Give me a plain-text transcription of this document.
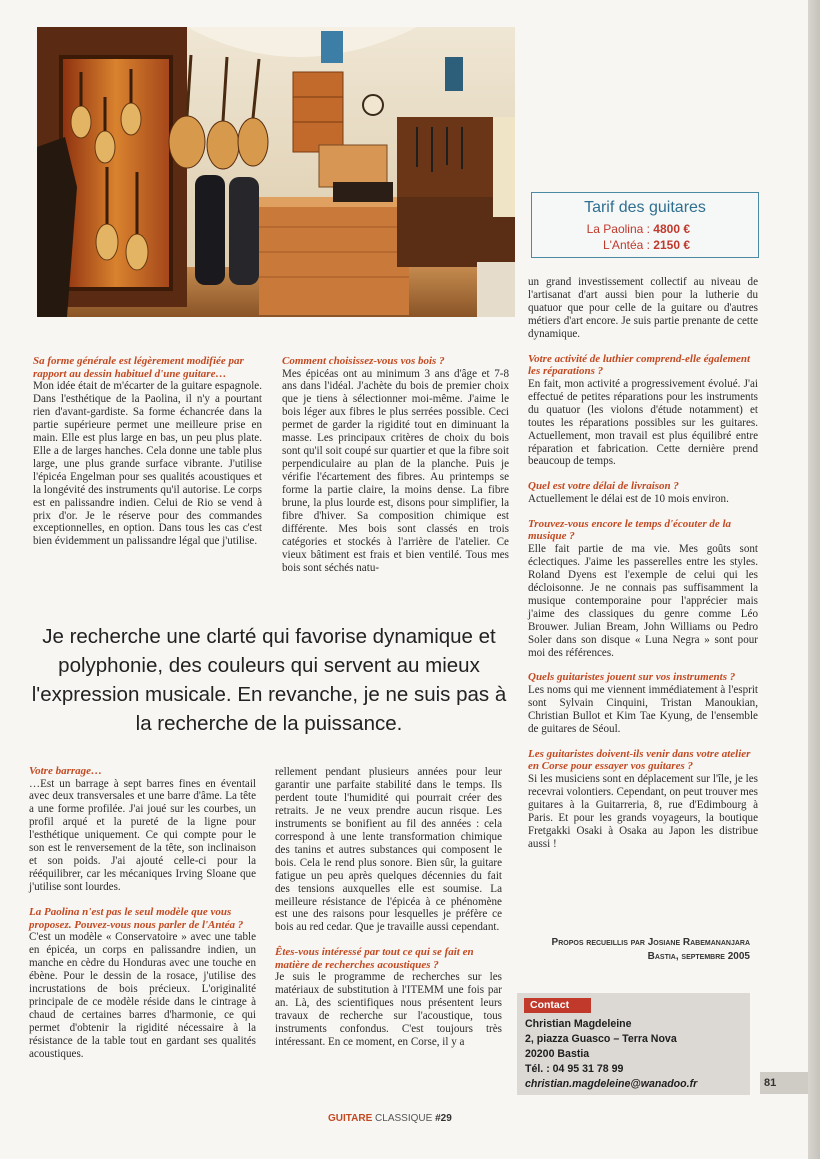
Tarif des guitares
La Paolina : 4800 €
L'Antéa : 2150 €

Sa forme générale est légèrement modifiée par rapport au dessin habituel d'une guitare…

Mon idée était de m'écarter de la guitare espagnole. Dans l'esthétique de la Paolina, il n'y a pourtant rien d'avant-gardiste. Sa forme échancrée dans la partie supérieure permet une meilleure prise en main. Elle est plus large en bas, un peu plus plate. Elle a de larges hanches. Cela donne une table plus large, une plus grande surface vibrante. J'utilise l'épicéa Engelman pour ses qualités acoustiques et la longévité des instruments qu'il autorise. Le corps est en palissandre indien. Celui de Rio se vend à prix d'or. Je le réserve pour des commandes exceptionnelles, en option. Dans tous les cas c'est bien évidemment un palissandre légal que j'utilise.

Comment choisissez-vous vos bois ?

Mes épicéas ont au minimum 3 ans d'âge et 7-8 ans dans l'idéal. J'achète du bois de premier choix que je tiens à sélectionner moi-même. J'aime le bois léger aux fibres le plus serrées possible. Ceci permet de garder la rigidité tout en diminuant la masse. Les principaux critères de choix du bois sont qu'il soit coupé sur quartier et que la fibre soit perpendiculaire au plan de la planche. Puis je vérifie l'écartement des fibres. Au printemps se forme la partie claire, la moins dense. La fibre brune, la plus lourde est, disons pour simplifier, la fibre d'hiver. Sa composition chimique est différente. Mes bois sont classés en trois catégories et stockés à l'arrière de l'atelier. Ce vieux bâtiment est frais et bien ventilé. Tous mes bois sont séchés natu-

Je recherche une clarté qui favorise dynamique et polyphonie, des couleurs qui servent au mieux l'expression musicale. En revanche, je ne suis pas à la recherche de la puissance.

Votre barrage…

…Est un barrage à sept barres fines en éventail avec deux transversales et une barre d'âme. La tête a une forme profilée. J'ai joué sur les courbes, un profil arqué et la pureté de la ligne pour l'esthétique uniquement. Ce qui compte pour le son est le renversement de la tête, son inclinaison et son poids. J'ai ajouté celle-ci pour la rééquilibrer, car les mécaniques Irving Sloane que j'utilise sont lourdes.

La Paolina n'est pas le seul modèle que vous proposez. Pouvez-vous nous parler de l'Antéa ?

C'est un modèle « Conservatoire » avec une table en épicéa, un corps en palissandre indien, un manche en cèdre du Honduras avec une touche en ébène. Pour le dessin de la rosace, j'utilise des incrustations de bois précieux. L'originalité principale de ce modèle réside dans le cintrage à chaud de certaines barres d'harmonie, ce qui permet d'obtenir la rigidité nécessaire à la résistance de la table tout en gardant ses qualités acoustiques.

rellement pendant plusieurs années pour leur garantir une parfaite stabilité dans le temps. Ils perdent toute l'humidité qui pourrait créer des retraits. Je ne veux prendre aucun risque. Les instruments se bonifient au fil des années : cela correspond à une lente transformation chimique des tanins et autres substances qui composent le bois. Cela le rend plus sonore. Bien sûr, la guitare fatigue un peu après quelques décennies du fait des tensions auxquelles elle est soumise. La meilleure résistance de l'épicéa à ce phénomène est une des raisons pour lesquelles je préfère ce bois au red cedar. Que je travaille aussi cependant.

Êtes-vous intéressé par tout ce qui se fait en matière de recherches acoustiques ?

Je suis le programme de recherches sur les matériaux de substitution à l'ITEMM une fois par an. Là, des scientifiques nous présentent leurs travaux de recherche sur l'acoustique, tous instruments confondus. C'est toujours très intéressant. En ce moment, en Corse, il y a

un grand investissement collectif au niveau de l'artisanat d'art aussi bien pour la lutherie du quatuor que pour celle de la guitare ou d'autres métiers d'art encore. Je suis partie prenante de cette dynamique.

Votre activité de luthier comprend-elle également les réparations ?

En fait, mon activité a progressivement évolué. J'ai effectué de petites réparations pour les instruments du quatuor (les violons d'étude notamment) et toutes les réparations possibles sur les guitares. Actuellement, mon travail est plus équilibré entre réparation et fabrication. Cette dernière prend beaucoup de temps.

Quel est votre délai de livraison ?

Actuellement le délai est de 10 mois environ.

Trouvez-vous encore le temps d'écouter de la musique ?

Elle fait partie de ma vie. Mes goûts sont éclectiques. J'aime les passerelles entre les styles. Roland Dyens est l'exemple de celui qui les décloisonne. Je ne connais pas suffisamment la musique contemporaine pour l'apprécier mais j'aime des classiques du genre comme Léo Brouwer. Julian Bream, John Williams ou Pedro Soler dans son disque « Luna Negra » sont pour moi des références.

Quels guitaristes jouent sur vos instruments ?

Les noms qui me viennent immédiatement à l'esprit sont Sylvain Cinquini, Tristan Manoukian, Christian Bullot et Kim Tae Kyung, de l'ensemble de guitares de Séoul.

Les guitaristes doivent-ils venir dans votre atelier en Corse pour essayer vos guitares ?

Si les musiciens sont en déplacement sur l'île, je les recevrai volontiers. Cependant, on peut trouver mes guitares à la Guitarreria, 8, rue d'Edimbourg à Paris. Et pour les grands voyageurs, la boutique Fretgakki Osaki à Osaka au Japon les distribue aussi !

Propos recueillis par Josiane Rabemananjara
Bastia, septembre 2005
Contact
Christian Magdeleine
2, piazza Guasco – Terra Nova
20200 Bastia
Tél. : 04 95 31 78 99
christian.magdeleine@wanadoo.fr
GUITARE CLASSIQUE #29
81
